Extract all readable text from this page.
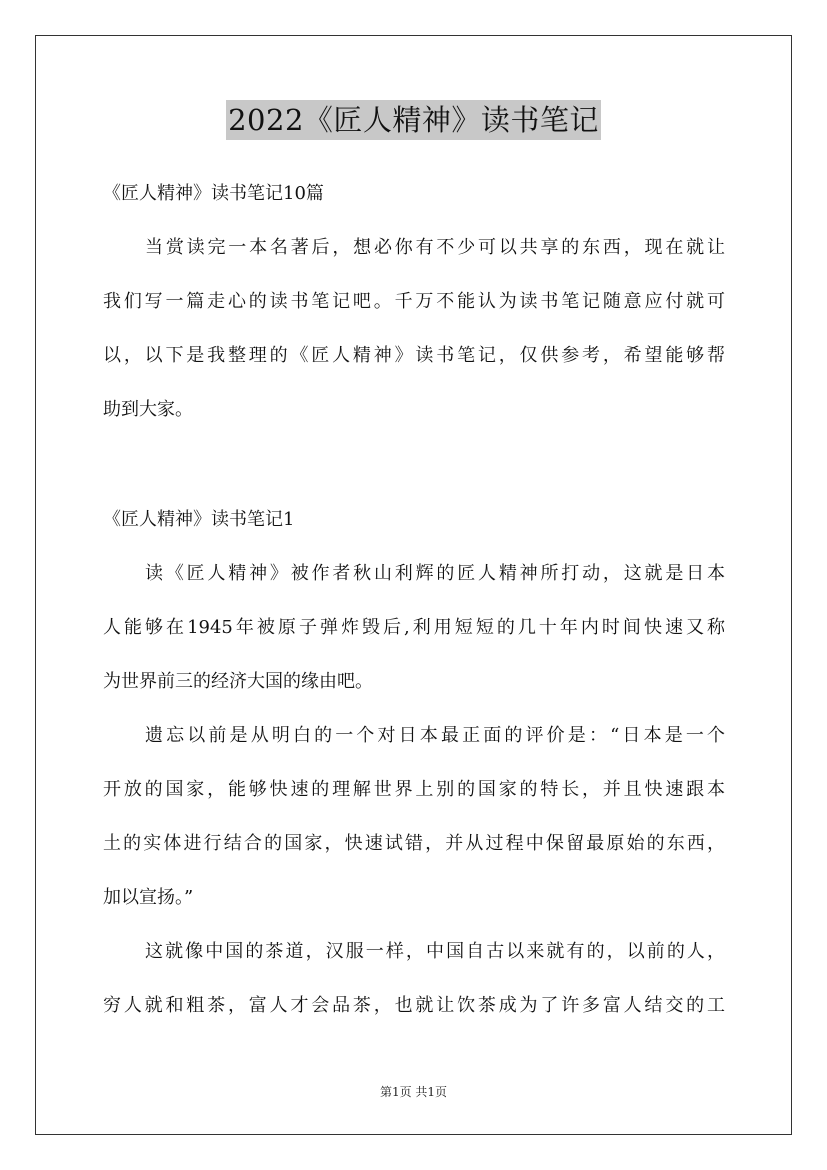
2022《匠人精神》读书笔记
《匠人精神》读书笔记10篇
当赏读完一本名著后，想必你有不少可以共享的东西，现在就让
我们写一篇走心的读书笔记吧。千万不能认为读书笔记随意应付就可
以，以下是我整理的《匠人精神》读书笔记，仅供参考，希望能够帮
助到大家。
《匠人精神》读书笔记1
读《匠人精神》被作者秋山利辉的匠人精神所打动，这就是日本
人能够在1945年被原子弹炸毁后,利用短短的几十年内时间快速又称
为世界前三的经济大国的缘由吧。
遗忘以前是从明白的一个对日本最正面的评价是：“日本是一个
开放的国家，能够快速的理解世界上别的国家的特长，并且快速跟本
土的实体进行结合的国家，快速试错，并从过程中保留最原始的东西，
加以宣扬。”
这就像中国的茶道，汉服一样，中国自古以来就有的，以前的人，
穷人就和粗茶，富人才会品茶，也就让饮茶成为了许多富人结交的工
第1页 共1页
